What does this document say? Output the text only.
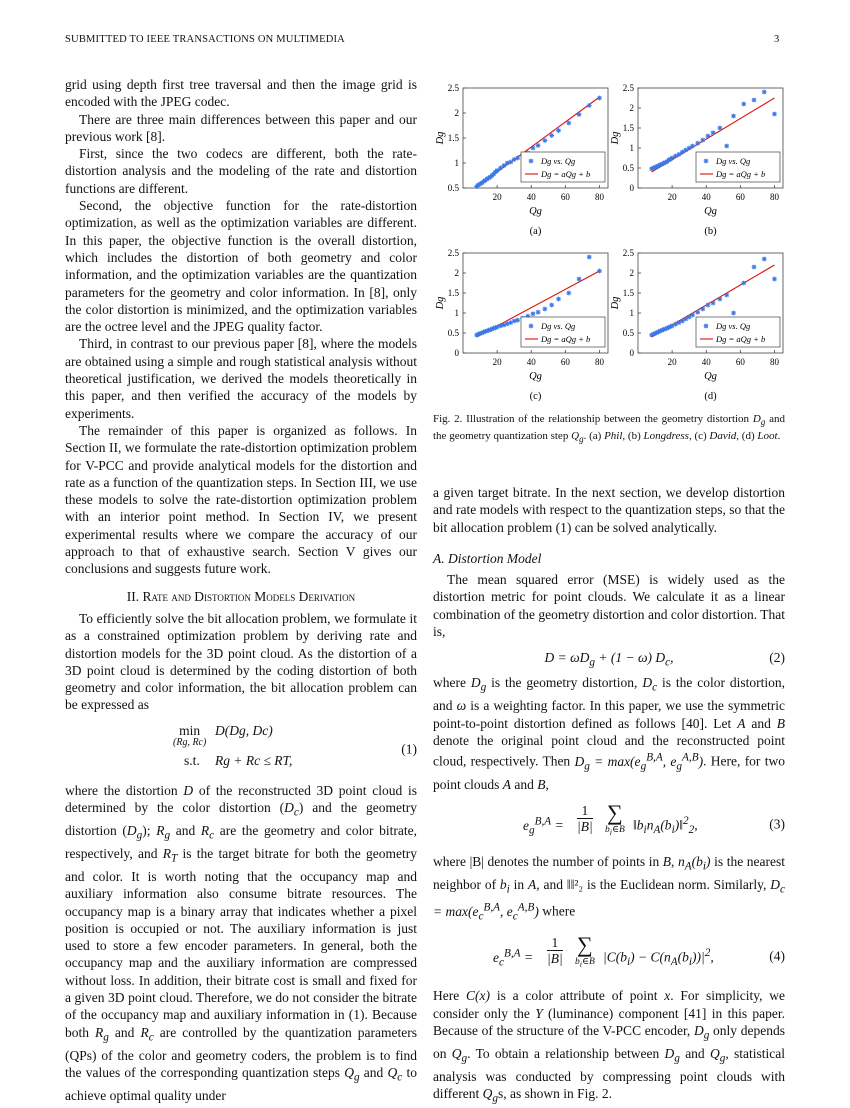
SUBMITTED TO IEEE TRANSACTIONS ON MULTIMEDIA	3

grid using depth first tree traversal and then the image grid is encoded with the JPEG codec.

There are three main differences between this paper and our previous work [8].

First, since the two codecs are different, both the rate-distortion analysis and the modeling of the rate and distortion functions are different.

Second, the objective function for the rate-distortion optimization, as well as the optimization variables are different. In this paper, the objective function is the overall distortion, which includes the distortion of both geometry and color information, and the optimization variables are the quantization parameters for the geometry and color information. In [8], only the color distortion is minimized, and the optimization variables are the octree level and the JPEG quality factor.

Third, in contrast to our previous paper [8], where the models are obtained using a simple and rough statistical analysis without theoretical justification, we derived the models theoretically in this paper, and then verified the accuracy of the models by experiments.

The remainder of this paper is organized as follows. In Section II, we formulate the rate-distortion optimization problem for V-PCC and provide analytical models for the distortion and rate as a function of the quantization steps. In Section III, we use these models to solve the rate-distortion optimization problem with an interior point method. In Section IV, we present experimental results where we compare the accuracy of our approach to that of exhaustive search. Section V gives our conclusions and suggests future work.

II. Rate and Distortion Models Derivation

To efficiently solve the bit allocation problem, we formulate it as a constrained optimization problem by deriving rate and distortion models for the 3D point cloud. As the distortion of a 3D point cloud is determined by the coding distortion of both geometry and color information, the bit allocation problem can be expressed as

min
(Rg, Rc)
D(Dg, Dc)
s.t. Rg + Rc ≤ RT,
(1)

where the distortion D of the reconstructed 3D point cloud is determined by the color distortion $(D_c)$ and the geometry distortion $(D_g)$; $R_g$ and $R_c$ are the geometry and color bitrate, respectively, and $R_T$ is the target bitrate for both the geometry and color. It is worth noting that the occupancy map and auxiliary information also consume bitrate resources. The occupancy map is a binary array that indicates whether a pixel position is occupied or not. The auxiliary information is just used to store a few encoder parameters. In general, both the occupancy map and the auxiliary information are compressed without loss. In addition, their bitrate cost is small and fixed for a given 3D point cloud. Therefore, we do not consider the bitrate of the occupancy map and auxiliary information in (1). Because both $R_g$ and $R_c$ are controlled by the quantization parameters (QPs) of the color and geometry coders, the problem is to find the values of the corresponding quantization steps $Q_g$ and $Q_c$ to achieve optimal quality under

0.5
1
1.5
2
2.5
20	40	60	80
Dg vs. Qg
Dg = aQg + b
Qg
Dg
(a)
0
0.5
1
1.5
2
2.5
20	40	60	80
Dg vs. Qg
Dg = aQg + b
Qg
Dg
(b)
0
0.5
1
1.5
2
2.5
20	40	60	80
Dg vs. Qg
Dg = aQg + b
Qg
Dg
(c)
0
0.5
1
1.5
2
2.5
20	40	60	80
Dg vs. Qg
Dg = aQg + b
Qg
Dg
(d)
Fig. 2. Illustration of the relationship between the geometry distortion $D_g$ and the geometry quantization step $Q_g$. (a) Phil, (b) Longdress, (c) David, (d) Loot.

a given target bitrate. In the next section, we develop distortion and rate models with respect to the quantization steps, so that the bit allocation problem (1) can be solved analytically.

A. Distortion Model

The mean squared error (MSE) is widely used as the distortion metric for point clouds. We calculate it as a linear combination of the geometry distortion and color distortion. That is,

$D = \omega D_g + (1 - \omega)$ $D_c$,	(2)

where $D_g$ is the geometry distortion, $D_c$ is the color distortion, and ω is a weighting factor. In this paper, we use the symmetric point-to-point distortion defined as follows [40]. Let A and B denote the original point cloud and the reconstructed point cloud, respectively. Then $D_g = \max(e_g^{B,A}$, $e_g^{A,B}$). Here, for two point clouds A and B,

$e_g^{B,A}$ =
1
|B|
∑
$b_i\in B$ $‖b_in_A(b_i)‖^2_2$,	(3)

where |B| denotes the number of points in B, $n_A(b_i)$ is the nearest neighbor of $b_i$ in A, and ‖‖²₂ is the Euclidean norm. Similarly, $D_c = \max(e_c^{B,A}$, $e_c^{A,B}$) where

$e_c^{B,A}$ =
1
|B|
∑
$b_i\in B$ $|C(b_i) - C(n_A(b_i))|^2$,	(4)

Here C(x) is a color attribute of point x. For simplicity, we consider only the Y (luminance) component [41] in this paper. Because of the structure of the V-PCC encoder, $D_g$ only depends on $Q_g$. To obtain a relationship between $D_g$ and $Q_g$, statistical analysis was conducted by compressing point clouds with different $Q_gs$, as shown in Fig. 2.
